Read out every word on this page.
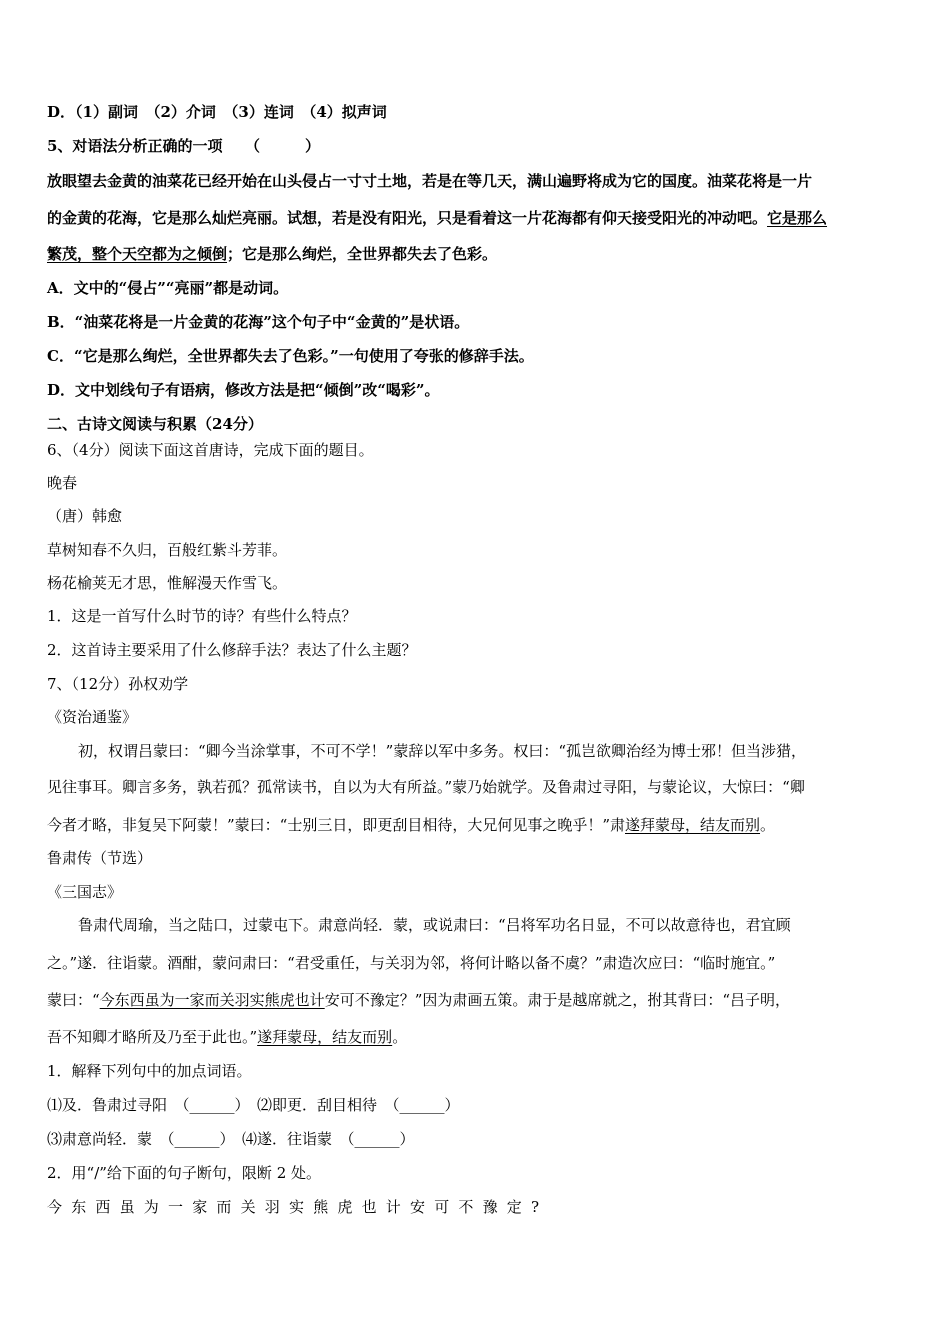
D．（1）副词　（2）介词　（3）连词　（4）拟声词
5、对语法分析正确的一项　　（　　　）
放眼望去金黄的油菜花已经开始在山头侵占一寸寸土地，若是在等几天，满山遍野将成为它的国度。油菜花将是一片
的金黄的花海，它是那么灿烂亮丽。试想，若是没有阳光，只是看着这一片花海都有仰天接受阳光的冲动吧。它是那么
繁茂，整个天空都为之倾倒；它是那么绚烂，全世界都失去了色彩。
A．文中的“侵占”“亮丽”都是动词。
B．“油菜花将是一片金黄的花海”这个句子中“金黄的”是状语。
C．“它是那么绚烂，全世界都失去了色彩。”一句使用了夸张的修辞手法。
D．文中划线句子有语病，修改方法是把“倾倒”改“喝彩”。
二、古诗文阅读与积累（24分）
6、（4分）阅读下面这首唐诗，完成下面的题目。
晚春
（唐）韩愈
草树知春不久归，百般红紫斗芳菲。
杨花榆荚无才思，惟解漫天作雪飞。
1．这是一首写什么时节的诗？有些什么特点？
2．这首诗主要采用了什么修辞手法？表达了什么主题？
7、（12分）孙权劝学
《资治通鉴》
初，权谓吕蒙曰：“卿今当涂掌事，不可不学！”蒙辞以军中多务。权曰：“孤岂欲卿治经为博士邪！但当涉猎，
见往事耳。卿言多务，孰若孤？孤常读书，自以为大有所益。”蒙乃始就学。及鲁肃过寻阳，与蒙论议，大惊曰：“卿
今者才略，非复吴下阿蒙！”蒙曰：“士别三日，即更刮目相待，大兄何见事之晚乎！”肃遂拜蒙母，结友而别。
鲁肃传（节选）
《三国志》
鲁肃代周瑜，当之陆口，过蒙屯下。肃意尚轻．蒙，或说肃曰：“吕将军功名日显，不可以故意待也，君宜顾
之。”遂．往诣蒙。酒酣，蒙问肃曰：“君受重任，与关羽为邻，将何计略以备不虞？”肃造次应曰：“临时施宜。”
蒙曰：“今东西虽为一家而关羽实熊虎也计安可不豫定？”因为肃画五策。肃于是越席就之，拊其背曰：“吕子明，
吾不知卿才略所及乃至于此也。”遂拜蒙母，结友而别。
1．解释下列句中的加点词语。
⑴及．鲁肃过寻阳　（______）　⑵即更．刮目相待　（______）
⑶肃意尚轻．蒙　（______）　⑷遂．往诣蒙　（______）
2．用“/”给下面的句子断句，限断 2 处。
今东西虽为一家而关羽实熊虎也计安可不豫定?
